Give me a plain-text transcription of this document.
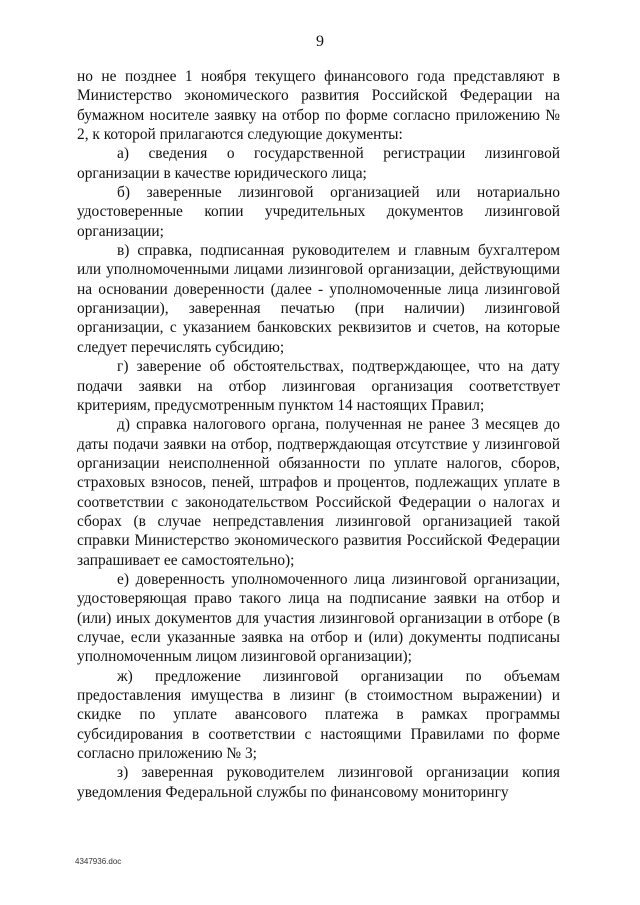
9

но не позднее 1 ноября текущего финансового года представляют в Министерство экономического развития Российской Федерации на бумажном носителе заявку на отбор по форме согласно приложению № 2, к которой прилагаются следующие документы:

а) сведения о государственной регистрации лизинговой организации в качестве юридического лица;

б) заверенные лизинговой организацией или нотариально удостоверенные копии учредительных документов лизинговой организации;

в) справка, подписанная руководителем и главным бухгалтером или уполномоченными лицами лизинговой организации, действующими на основании доверенности (далее - уполномоченные лица лизинговой организации), заверенная печатью (при наличии) лизинговой организации, с указанием банковских реквизитов и счетов, на которые следует перечислять субсидию;

г) заверение об обстоятельствах, подтверждающее, что на дату подачи заявки на отбор лизинговая организация соответствует критериям, предусмотренным пунктом 14 настоящих Правил;

д) справка налогового органа, полученная не ранее 3 месяцев до даты подачи заявки на отбор, подтверждающая отсутствие у лизинговой организации неисполненной обязанности по уплате налогов, сборов, страховых взносов, пеней, штрафов и процентов, подлежащих уплате в соответствии с законодательством Российской Федерации о налогах и сборах (в случае непредставления лизинговой организацией такой справки Министерство экономического развития Российской Федерации запрашивает ее самостоятельно);

е) доверенность уполномоченного лица лизинговой организации, удостоверяющая право такого лица на подписание заявки на отбор и (или) иных документов для участия лизинговой организации в отборе (в случае, если указанные заявка на отбор и (или) документы подписаны уполномоченным лицом лизинговой организации);

ж) предложение лизинговой организации по объемам предоставления имущества в лизинг (в стоимостном выражении) и скидке по уплате авансового платежа в рамках программы субсидирования в соответствии с настоящими Правилами по форме согласно приложению № 3;

з) заверенная руководителем лизинговой организации копия уведомления Федеральной службы по финансовому мониторингу

4347936.doc
